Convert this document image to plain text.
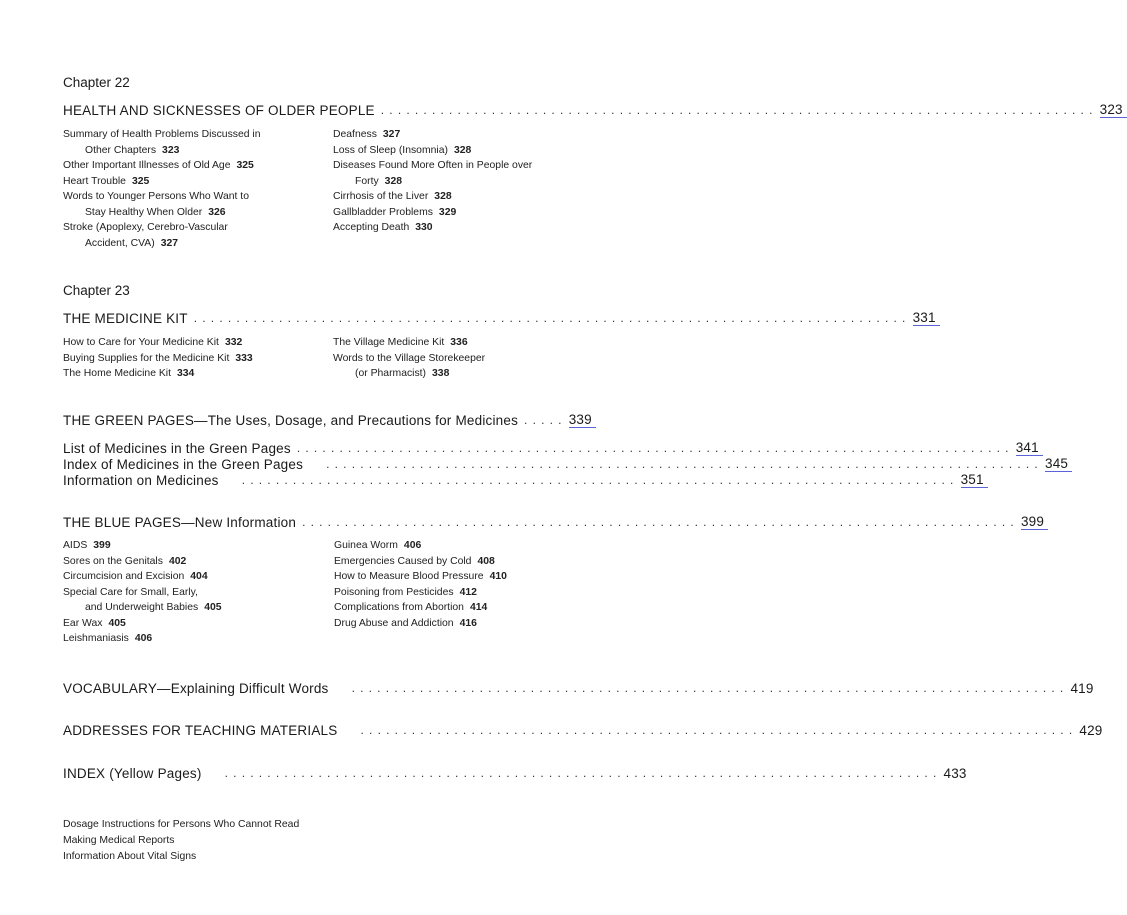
Chapter 22
HEALTH AND SICKNESSES OF OLDER PEOPLE .................................................................................... 323
Summary of Health Problems Discussed in
Other Chapters 323
Other Important Illnesses of Old Age 325
Heart Trouble 325
Words to Younger Persons Who Want to
Stay Healthy When Older 326
Stroke (Apoplexy, Cerebro-Vascular
Accident, CVA) 327
Deafness 327
Loss of Sleep (Insomnia) 328
Diseases Found More Often in People over
Forty 328
Cirrhosis of the Liver 328
Gallbladder Problems 329
Accepting Death 330
Chapter 23
THE MEDICINE KIT .................................................................................... 331
How to Care for Your Medicine Kit 332
Buying Supplies for the Medicine Kit 333
The Home Medicine Kit 334
The Village Medicine Kit 336
Words to the Village Storekeeper
(or Pharmacist) 338
THE GREEN PAGES—The Uses, Dosage, and Precautions for Medicines ..... 339
List of Medicines in the Green Pages .................................................................................... 341
Index of Medicines in the Green Pages .................................................................................... 345
Information on Medicines .................................................................................... 351
THE BLUE PAGES—New Information .................................................................................... 399
AIDS 399
Sores on the Genitals 402
Circumcision and Excision 404
Special Care for Small, Early,
and Underweight Babies 405
Ear Wax 405
Leishmaniasis 406
Guinea Worm 406
Emergencies Caused by Cold 408
How to Measure Blood Pressure 410
Poisoning from Pesticides 412
Complications from Abortion 414
Drug Abuse and Addiction 416
VOCABULARY—Explaining Difficult Words .................................................................................... 419
ADDRESSES FOR TEACHING MATERIALS .................................................................................... 429
INDEX (Yellow Pages) .................................................................................... 433
Dosage Instructions for Persons Who Cannot Read
Making Medical Reports
Information About Vital Signs
